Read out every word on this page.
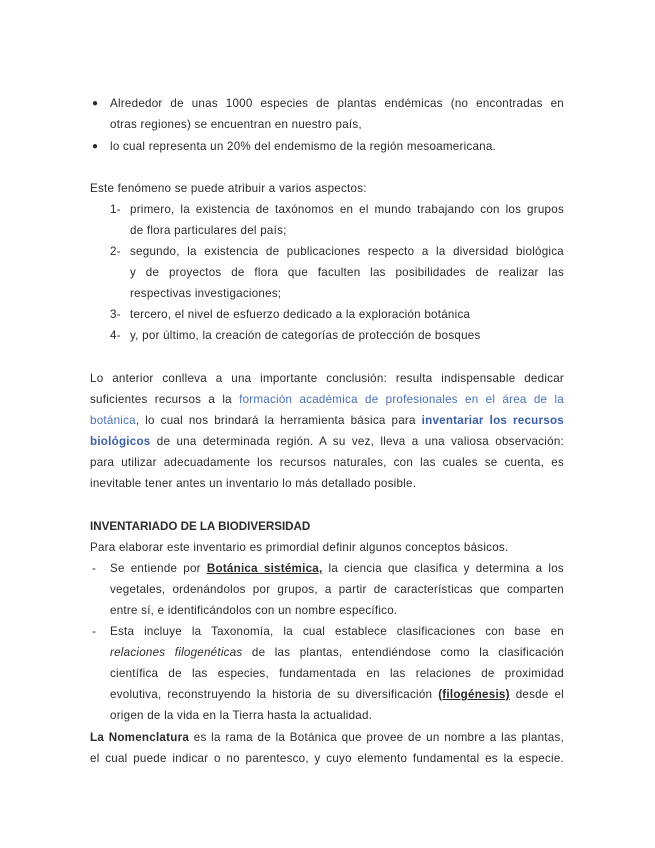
● Alrededor de unas 1000 especies de plantas endémicas (no encontradas en
otras regiones) se encuentran en nuestro país,
● lo cual representa un 20% del endemismo de la región mesoamericana.
Este fenómeno se puede atribuir a varios aspectos:
1- primero, la existencia de taxónomos en el mundo trabajando con los grupos
de flora particulares del país;
2- segundo, la existencia de publicaciones respecto a la diversidad biológica
y de proyectos de flora que faculten las posibilidades de realizar las
respectivas investigaciones;
3- tercero, el nivel de esfuerzo dedicado a la exploración botánica
4- y, por último, la creación de categorías de protección de bosques
Lo anterior conlleva a una importante conclusión: resulta indispensable dedicar
suficientes recursos a la formación académica de profesionales en el área de la
botánica, lo cual nos brindará la herramienta básica para inventariar los recursos
biológicos de una determinada región. A su vez, lleva a una valiosa observación:
para utilizar adecuadamente los recursos naturales, con las cuales se cuenta, es
inevitable tener antes un inventario lo más detallado posible.
INVENTARIADO DE LA BIODIVERSIDAD
Para elaborar este inventario es primordial definir algunos conceptos básicos.
- Se entiende por Botánica sistémica, la ciencia que clasifica y determina a los
vegetales, ordenándolos por grupos, a partir de características que comparten
entre sí, e identificándolos con un nombre específico.
- Esta incluye la Taxonomía, la cual establece clasificaciones con base en
relaciones filogenéticas de las plantas, entendiéndose como la clasificación
científica de las especies, fundamentada en las relaciones de proximidad
evolutiva, reconstruyendo la historia de su diversificación (filogénesis) desde el
origen de la vida en la Tierra hasta la actualidad.
La Nomenclatura es la rama de la Botánica que provee de un nombre a las plantas,
el cual puede indicar o no parentesco, y cuyo elemento fundamental es la especie.
